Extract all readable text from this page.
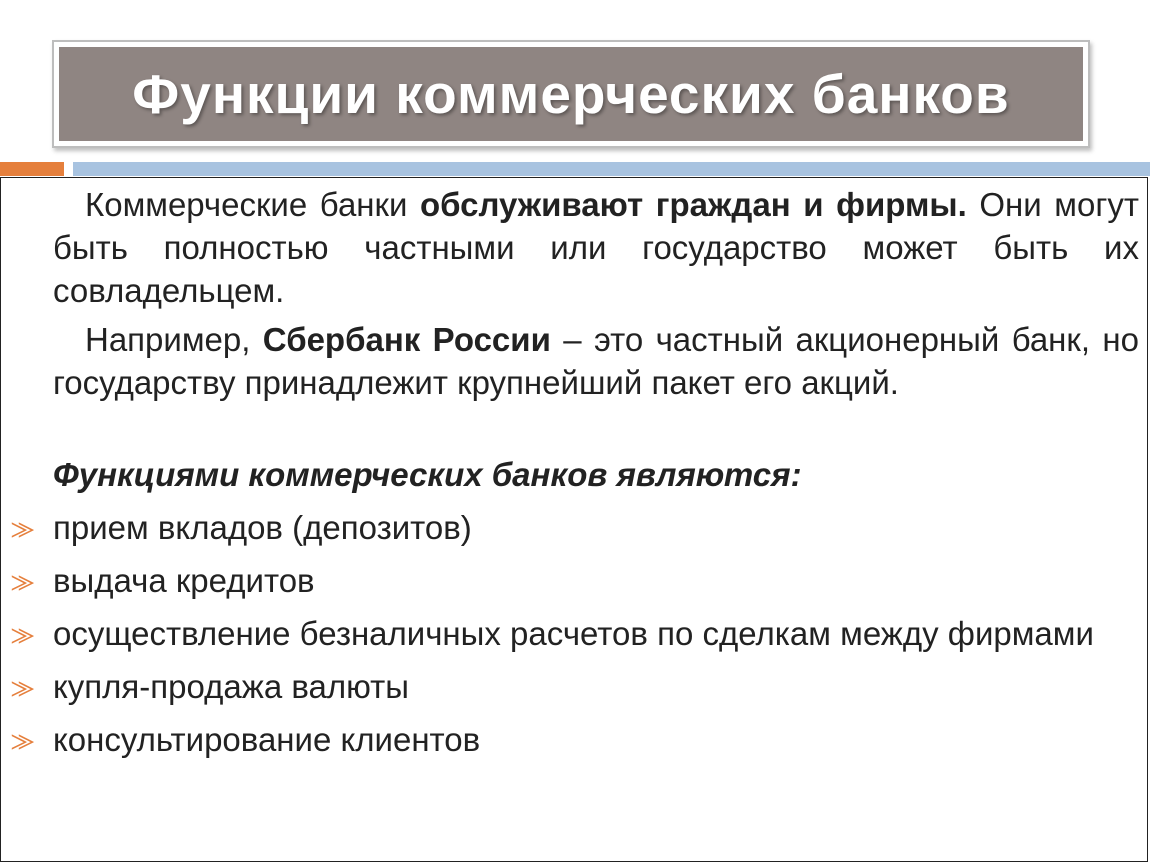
Функции коммерческих банков
Коммерческие банки обслуживают граждан и фирмы. Они могут быть полностью частными или государство может быть их совладельцем.
Например, Сбербанк России – это частный акционерный банк, но государству принадлежит крупнейший пакет его акций.
Функциями коммерческих банков являются:
⨠ прием вкладов (депозитов)
⨠ выдача кредитов
⨠ осуществление безналичных расчетов по сделкам между фирмами
⨠ купля-продажа валюты
⨠ консультирование клиентов
